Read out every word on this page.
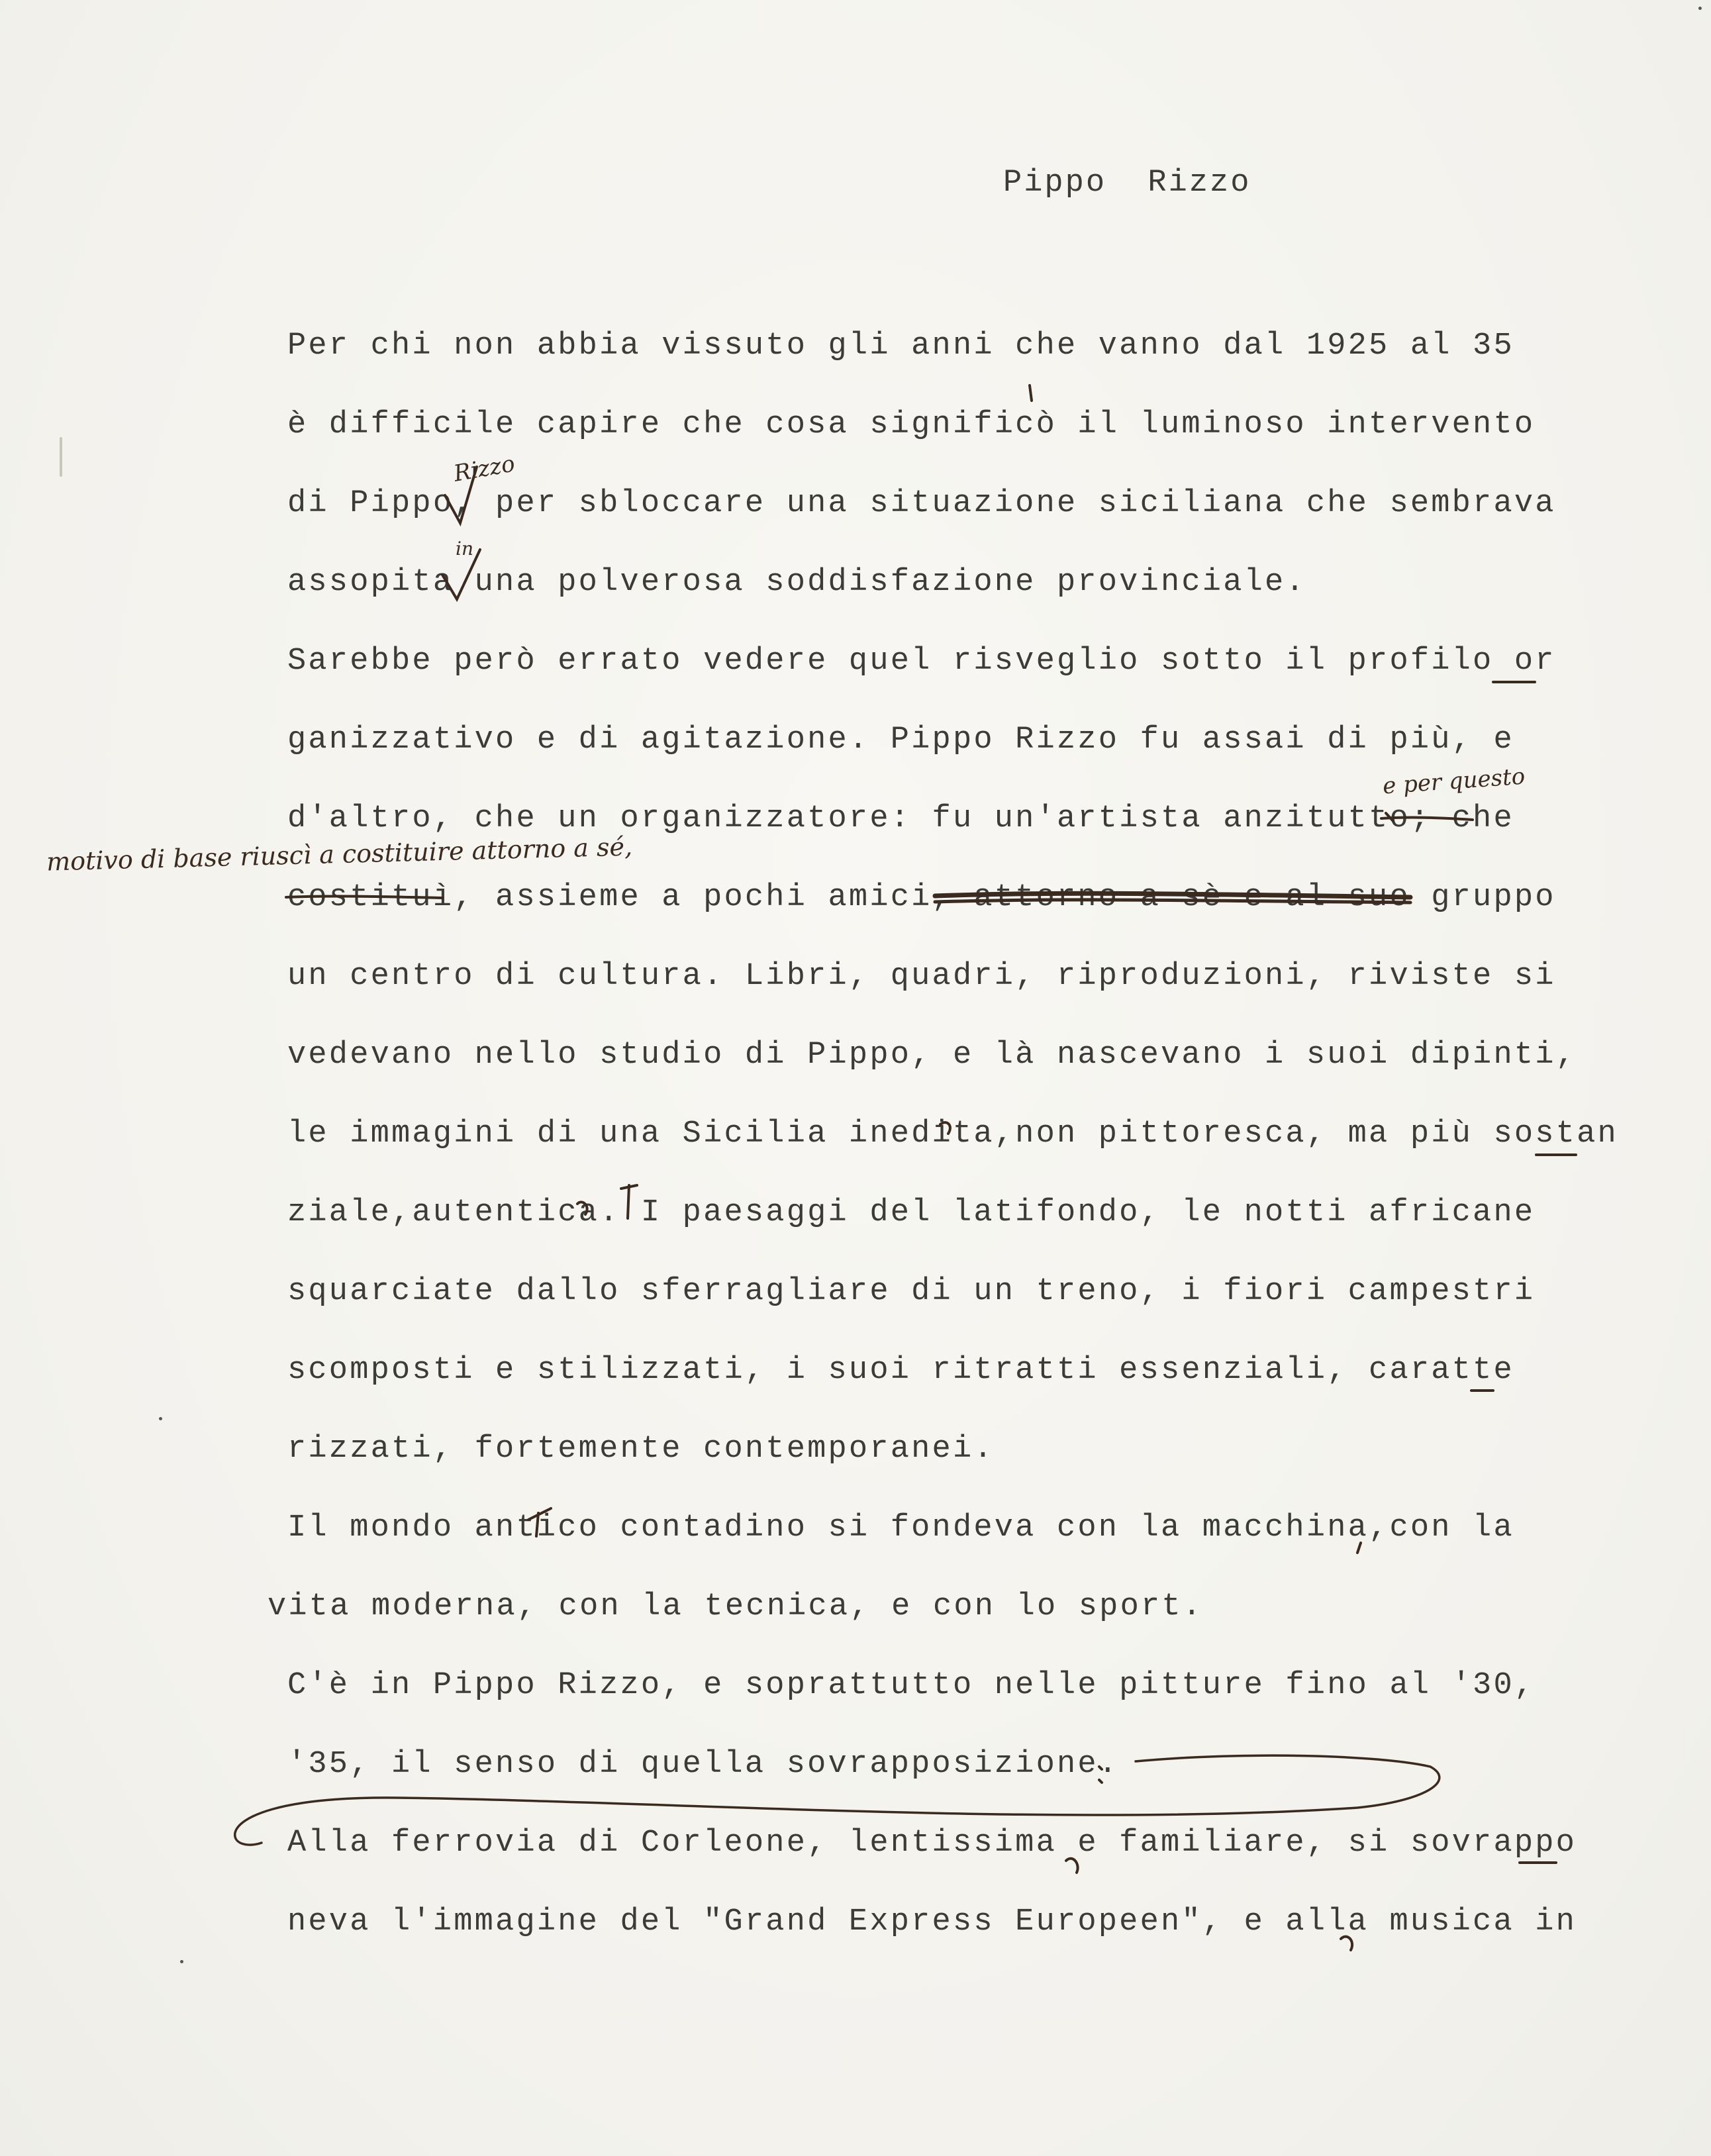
Pippo  Rizzo
Per chi non abbia vissuto gli anni che vanno dal 1925 al 35
è difficile capire che cosa significò il luminoso intervento
di Pippo, per sbloccare una situazione siciliana che sembrava
assopita una polverosa soddisfazione provinciale.
Sarebbe però errato vedere quel risveglio sotto il profilo or
ganizzativo e di agitazione. Pippo Rizzo fu assai di più, e
d'altro, che un organizzatore: fu un'artista anzitutto; che
costituì, assieme a pochi amici, attorno a sè e al suo gruppo
un centro di cultura. Libri, quadri, riproduzioni, riviste si
vedevano nello studio di Pippo, e là nascevano i suoi dipinti,
le immagini di una Sicilia inedita,non pittoresca, ma più sostan
ziale,autentica. I paesaggi del latifondo, le notti africane
squarciate dallo sferragliare di un treno, i fiori campestri
scomposti e stilizzati, i suoi ritratti essenziali, caratte
rizzati, fortemente contemporanei.
Il mondo antico contadino si fondeva con la macchina,con la
vita moderna, con la tecnica, e con lo sport.
C'è in Pippo Rizzo, e soprattutto nelle pitture fino al '30,
'35, il senso di quella sovrapposizione.
Alla ferrovia di Corleone, lentissima e familiare, si sovrappo
neva l'immagine del "Grand Express Europeen", e alla musica in
Rizzo
in
e per questo
motivo di base riuscì a costituire attorno a sé,
